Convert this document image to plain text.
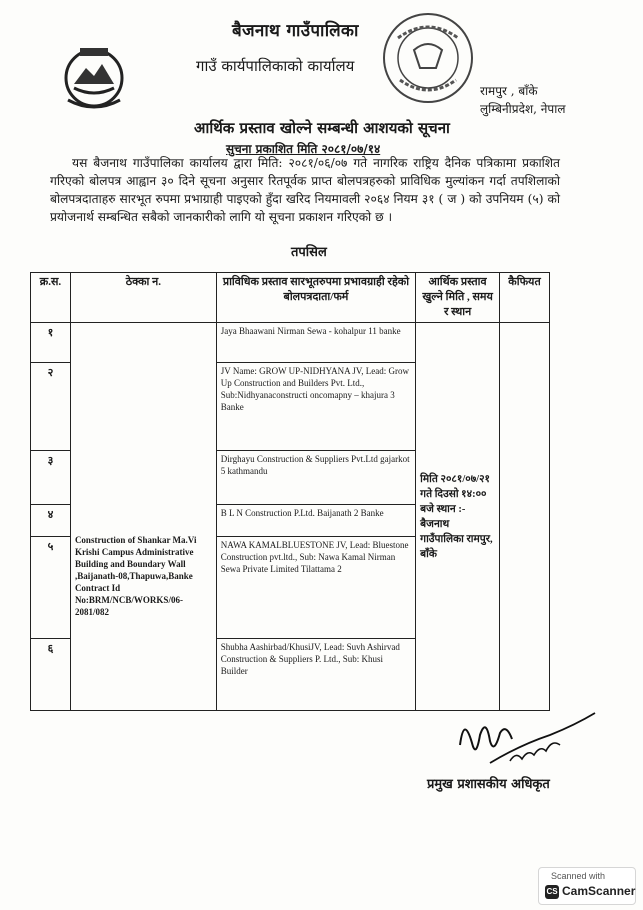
बैजनाथ गाउँपालिका
गाउँ कार्यपालिकाको कार्यालय
रामपुर , बाँके
लुम्बिनीप्रदेश, नेपाल
आर्थिक प्रस्ताव खोल्ने सम्बन्धी आशयको सूचना
सुचना प्रकाशित मिति २०८१/०७/१४
यस बैजनाथ गाउँपालिका कार्यालय द्वारा मिति: २०८१/०६/०७ गते नागरिक राष्ट्रिय दैनिक पत्रिकामा प्रकाशित गरिएको बोलपत्र आह्वान ३० दिने सूचना अनुसार रितपूर्वक प्राप्त बोलपत्रहरुको प्राविधिक मुल्यांकन गर्दा तपशिलाको बोलपत्रदाताहरु सारभूत रुपमा प्रभाग्राही पाइएको हुँदा खरिद नियमावली २०६४ नियम ३१ ( ज ) को उपनियम (५) को प्रयोजनार्थ सम्बन्धित सबैको जानकारीको लागि यो सूचना प्रकाशन गरिएको छ ।
तपसिल
क्र.स.	ठेक्का न.	प्राविधिक प्रस्ताव सारभूतरुपमा प्रभावग्राही रहेको बोलपत्रदाता/फर्म	आर्थिक प्रस्ताव खुल्ने मिति , समय र स्थान	कैफियत
१	Construction of Shankar Ma.Vi Krishi Campus Administrative Building and Boundary Wall ,Baijanath-08,Thapuwa,Banke Contract Id No:BRM/NCB/WORKS/06-2081/082	Jaya Bhaawani Nirman Sewa - kohalpur 11 banke	मिति २०८१/०७/२१ गते दिउसो १४:०० बजे स्थान :- बैजनाथ गाउँपालिका रामपुर, बाँके	
२		JV Name: GROW UP-NIDHYANA JV, Lead: Grow Up Construction and Builders Pvt. Ltd., Sub:Nidhyanaconstructi oncomapny – khajura 3 Banke		
३		Dirghayu Construction & Suppliers Pvt.Ltd gajarkot 5 kathmandu		
४		B L N Construction P.Ltd. Baijanath 2 Banke		
५		NAWA KAMALBLUESTONE JV, Lead: Bluestone Construction pvt.ltd., Sub: Nawa Kamal Nirman Sewa Private Limited Tilattama 2		
६		Shubha Aashirbad/KhusiJV, Lead: Suvh Ashirvad Construction & Suppliers P. Ltd., Sub: Khusi Builder		
प्रमुख प्रशासकीय अधिकृत
Scanned with
CS CamScanner
